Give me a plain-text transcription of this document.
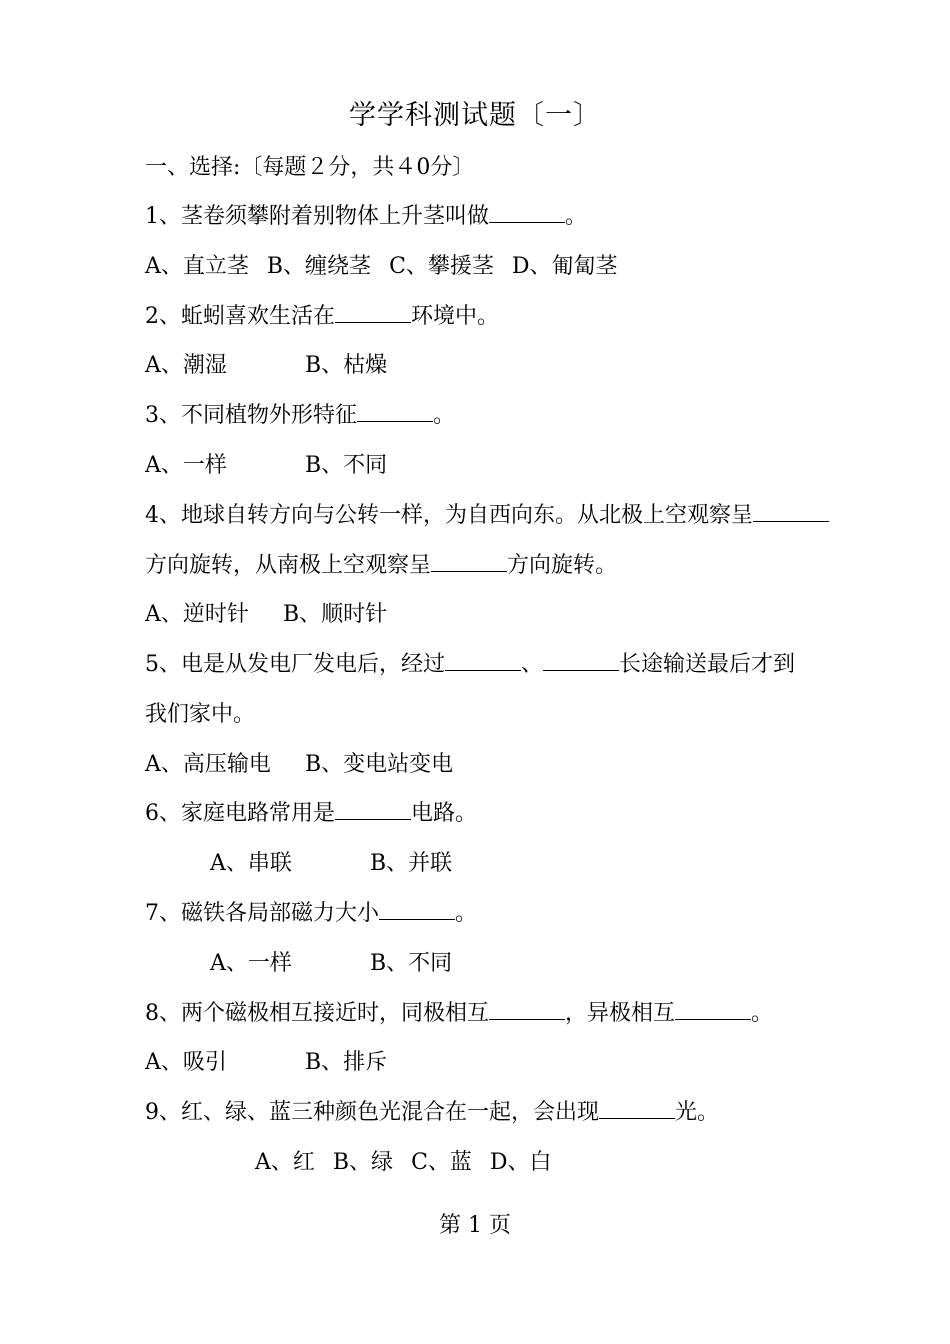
学学科测试题〔一〕
一、选择:〔每题２分，共４0分〕
1、茎卷须攀附着别物体上升茎叫做	。
A、直立茎 B、缠绕茎 C、攀援茎 D、匍匐茎
2、蚯蚓喜欢生活在	环境中。
A、潮湿	B、枯燥
3、不同植物外形特征	。
A、一样	B、不同
4、地球自转方向与公转一样，为自西向东。从北极上空观察呈
方向旋转，从南极上空观察呈	方向旋转。
A、逆时针 B、顺时针
5、电是从发电厂发电后，经过	、	长途输送最后才到
我们家中。
A、高压输电 B、变电站变电
6、家庭电路常用是	电路。
A、串联	B、并联
7、磁铁各局部磁力大小	。
A、一样	B、不同
8、两个磁极相互接近时，同极相互	，异极相互	。
A、吸引	B、排斥
9、红、绿、蓝三种颜色光混合在一起，会出现	光。
A、红 B、绿 C、蓝 D、白
第 1 页
